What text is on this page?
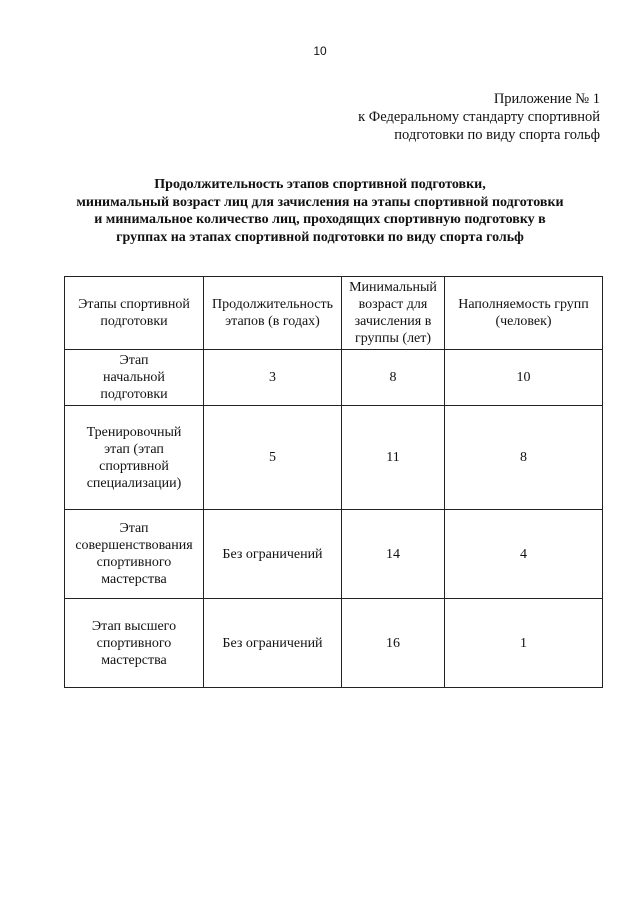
10
Приложение № 1
к Федеральному стандарту спортивной
подготовки по виду спорта гольф
Продолжительность этапов спортивной подготовки,
минимальный возраст лиц для зачисления на этапы спортивной подготовки
и минимальное количество лиц, проходящих спортивную подготовку в
группах на этапах спортивной подготовки по виду спорта гольф
Этапы спортивной подготовки	Продолжительность этапов (в годах)	Минимальный возраст для зачисления в группы (лет)	Наполняемость групп (человек)

Этап начальной подготовки	3	8	10

Тренировочный этап (этап спортивной специализации)	5	11	8

Этап совершенствования спортивного мастерства	Без ограничений	14	4

Этап высшего спортивного мастерства	Без ограничений	16	1
